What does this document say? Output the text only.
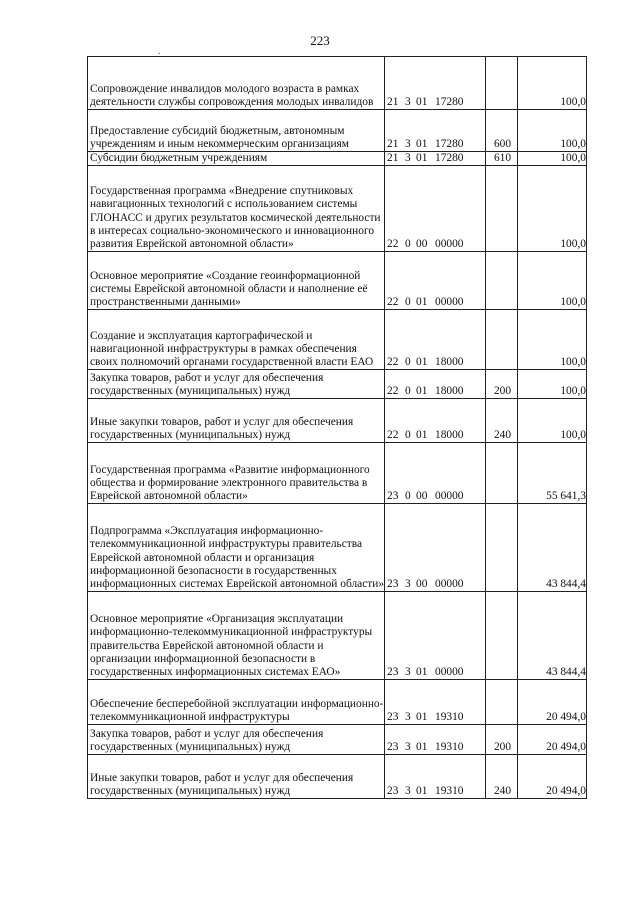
223
.
Сопровождение инвалидов молодого возраста в рамках деятельности службы сопровождения молодых инвалидов	21 3 01 17280		100,0
Предоставление субсидий бюджетным, автономным учреждениям и иным некоммерческим организациям	21 3 01 17280	600	100,0
Субсидии бюджетным учреждениям	21 3 01 17280	610	100,0
Государственная программа «Внедрение спутниковых навигационных технологий с использованием системы ГЛОНАСС и других результатов космической деятельности в интересах социально-экономического и инновационного развития Еврейской автономной области»	22 0 00 00000		100,0
Основное мероприятие «Создание геоинформационной системы Еврейской автономной области и наполнение её пространственными данными»	22 0 01 00000		100,0
Создание и эксплуатация картографической и навигационной инфраструктуры в рамках обеспечения своих полномочий органами государственной власти ЕАО	22 0 01 18000		100,0
Закупка товаров, работ и услуг для обеспечения государственных (муниципальных) нужд	22 0 01 18000	200	100,0
Иные закупки товаров, работ и услуг для обеспечения государственных (муниципальных) нужд	22 0 01 18000	240	100,0
Государственная программа «Развитие информационного общества и формирование электронного правительства в Еврейской автономной области»	23 0 00 00000		55 641,3
Подпрограмма «Эксплуатация информационно-телекоммуникационной инфраструктуры правительства Еврейской автономной области и организация информационной безопасности в государственных информационных системах Еврейской автономной области»	23 3 00 00000		43 844,4
Основное мероприятие «Организация эксплуатации информационно-телекоммуникационной инфраструктуры правительства Еврейской автономной области и организации информационной безопасности в государственных информационных системах ЕАО»	23 3 01 00000		43 844,4
Обеспечение бесперебойной эксплуатации информационно-телекоммуникационной инфраструктуры	23 3 01 19310		20 494,0
Закупка товаров, работ и услуг для обеспечения государственных (муниципальных) нужд	23 3 01 19310	200	20 494,0
Иные закупки товаров, работ и услуг для обеспечения государственных (муниципальных) нужд	23 3 01 19310	240	20 494,0
